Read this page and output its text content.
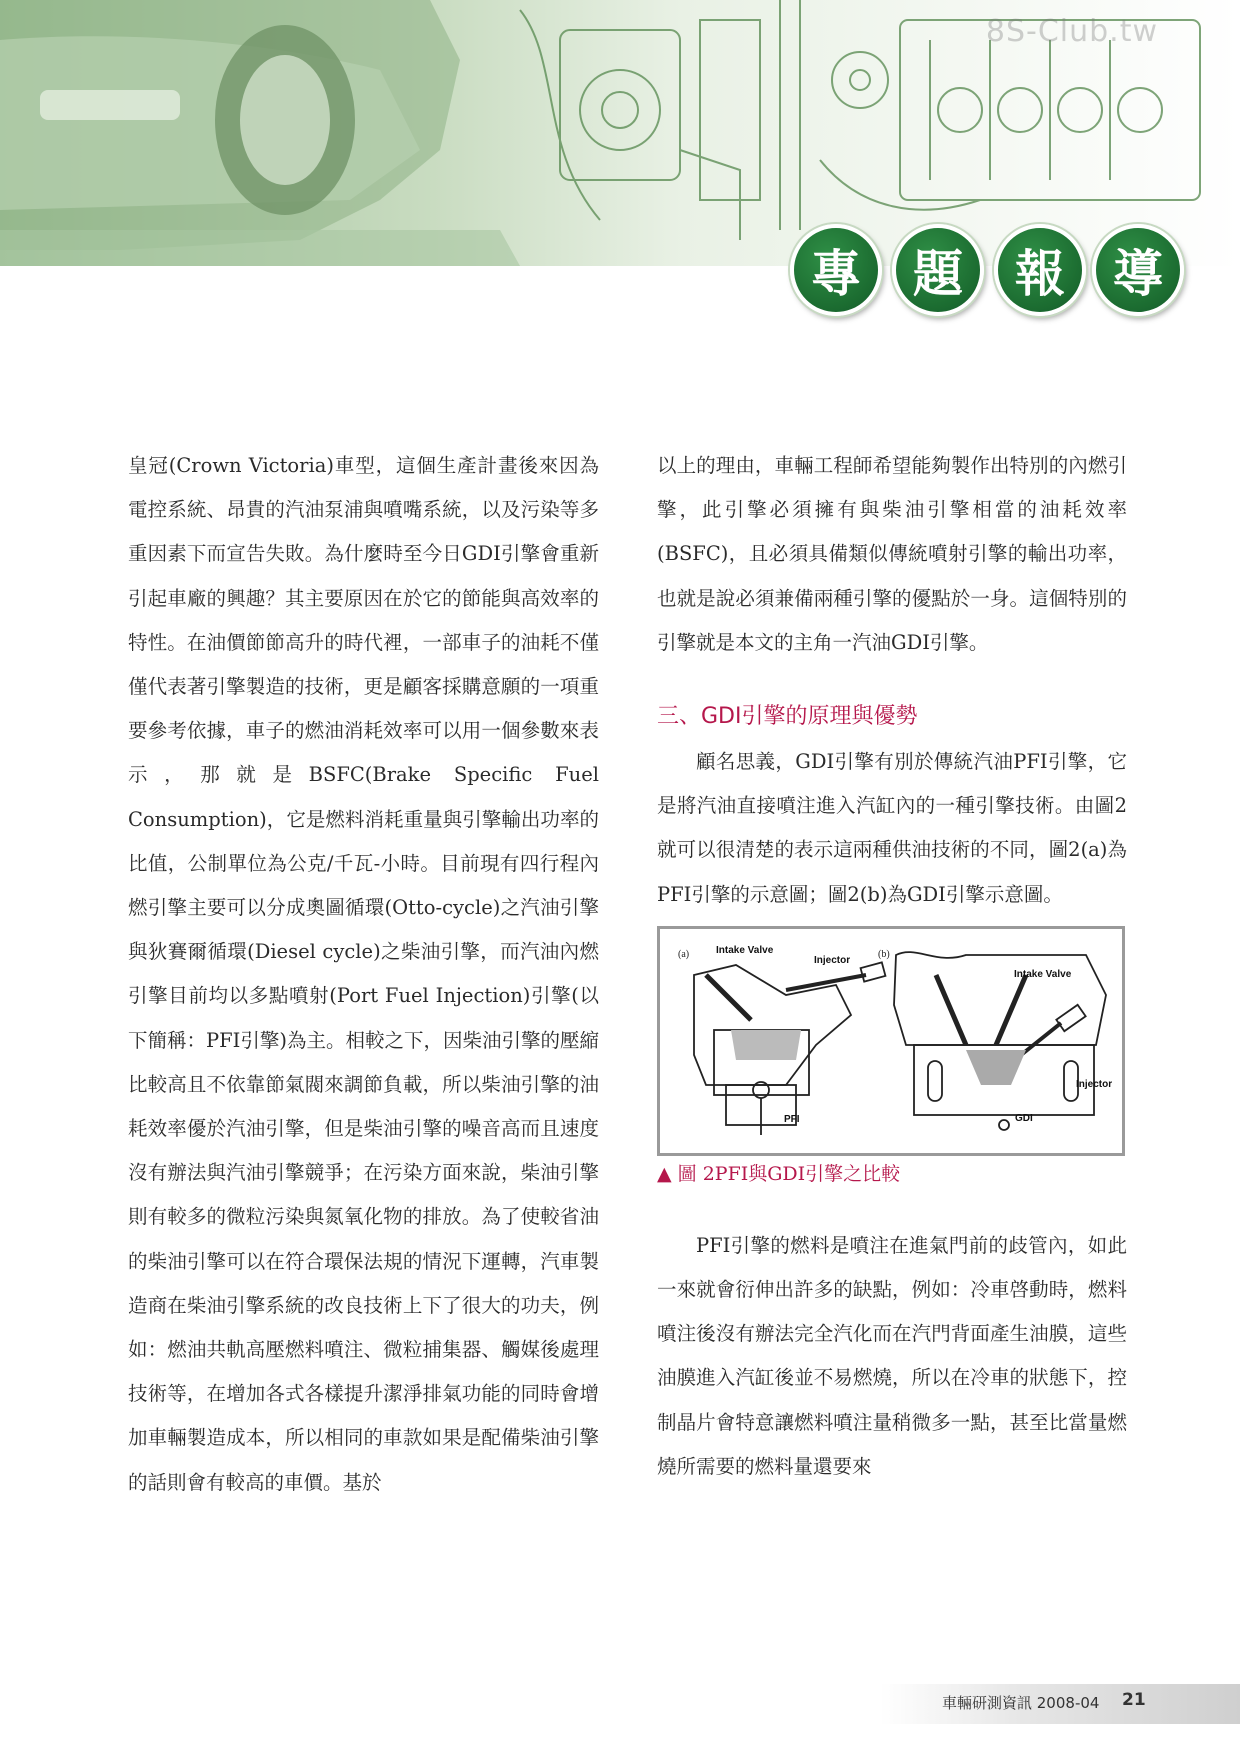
8S-Club.tw
專	題	報 導

皇冠(Crown Victoria)車型，這個生產計畫後來因為電控系統、昂貴的汽油泵浦與噴嘴系統，以及污染等多重因素下而宣告失敗。為什麼時至今日GDI引擎會重新引起車廠的興趣？其主要原因在於它的節能與高效率的特性。在油價節節高升的時代裡，一部車子的油耗不僅僅代表著引擎製造的技術，更是顧客採購意願的一項重要參考依據，車子的燃油消耗效率可以用一個參數來表示，那就是BSFC(Brake Specific Fuel Consumption)，它是燃料消耗重量與引擎輸出功率的比值，公制單位為公克/千瓦-小時。目前現有四行程內燃引擎主要可以分成奧圖循環(Otto-cycle)之汽油引擎與狄賽爾循環(Diesel cycle)之柴油引擎，而汽油內燃引擎目前均以多點噴射(Port Fuel Injection)引擎(以下簡稱：PFI引擎)為主。相較之下，因柴油引擎的壓縮比較高且不依靠節氣閥來調節負載，所以柴油引擎的油耗效率優於汽油引擎，但是柴油引擎的噪音高而且速度沒有辦法與汽油引擎競爭；在污染方面來說，柴油引擎則有較多的微粒污染與氮氧化物的排放。為了使較省油的柴油引擎可以在符合環保法規的情況下運轉，汽車製造商在柴油引擎系統的改良技術上下了很大的功夫，例如：燃油共軌高壓燃料噴注、微粒捕集器、觸媒後處理技術等，在增加各式各樣提升潔淨排氣功能的同時會增加車輛製造成本，所以相同的車款如果是配備柴油引擎的話則會有較高的車價。基於

以上的理由，車輛工程師希望能夠製作出特別的內燃引擎，此引擎必須擁有與柴油引擎相當的油耗效率(BSFC)，且必須具備類似傳統噴射引擎的輸出功率，也就是說必須兼備兩種引擎的優點於一身。這個特別的引擎就是本文的主角一汽油GDI引擎。

三、GDI引擎的原理與優勢

顧名思義，GDI引擎有別於傳統汽油PFI引擎，它是將汽油直接噴注進入汽缸內的一種引擎技術。由圖2就可以很清楚的表示這兩種供油技術的不同，圖2(a)為PFI引擎的示意圖；圖2(b)為GDI引擎示意圖。

(a)	Intake Valve
Injector
PFI
(b)
Intake Valve
Injector
GDI
▲ 圖 2PFI與GDI引擎之比較

PFI引擎的燃料是噴注在進氣門前的歧管內，如此一來就會衍伸出許多的缺點，例如：冷車啓動時，燃料噴注後沒有辦法完全汽化而在汽門背面產生油膜，這些油膜進入汽缸後並不易燃燒，所以在冷車的狀態下，控制晶片會特意讓燃料噴注量稍微多一點，甚至比當量燃燒所需要的燃料量還要來

車輛研測資訊 2008-04 21
